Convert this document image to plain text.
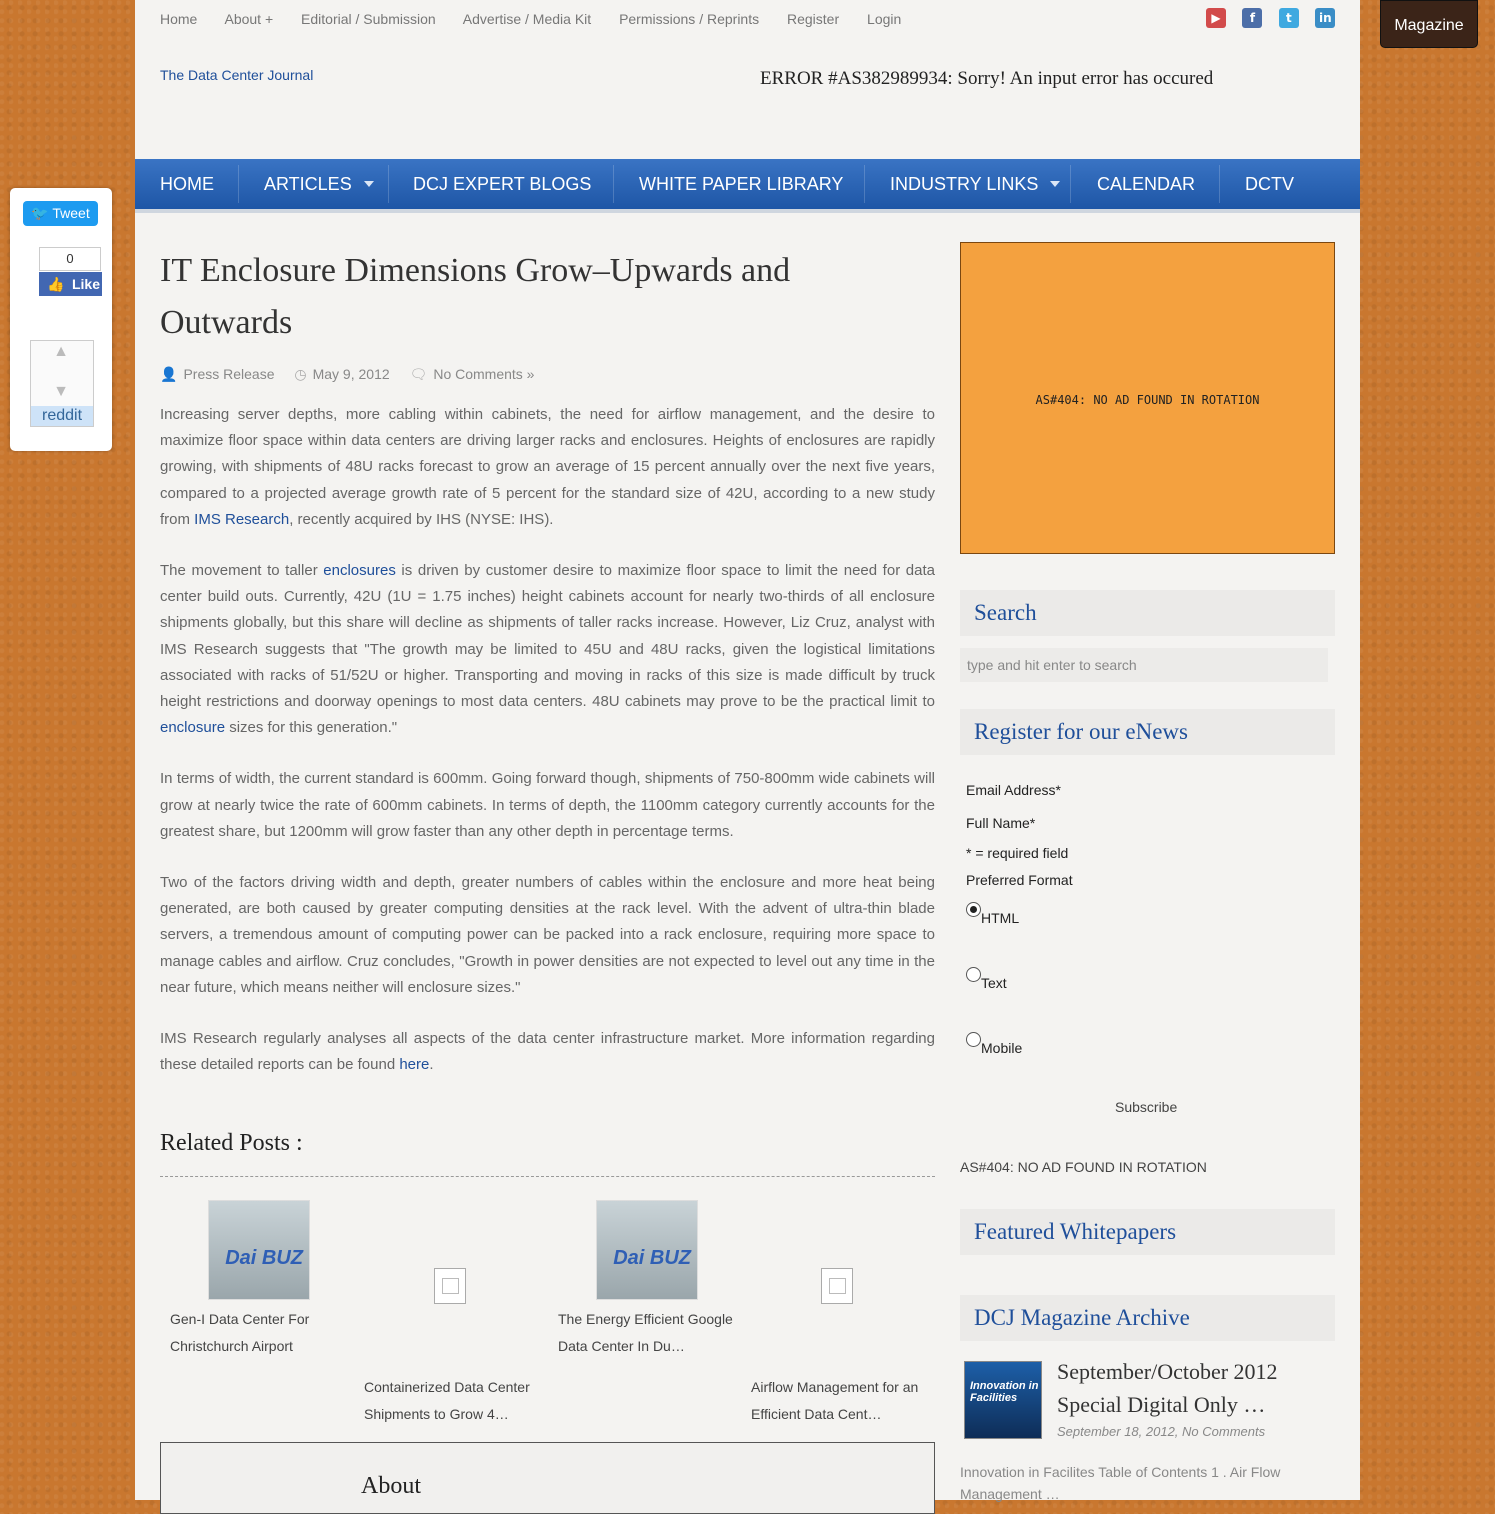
Home About + Editorial / Submission Advertise / Media Kit Permissions / Reprints Register Login	▶ f	t in
The Data Center Journal	ERROR #AS382989934: Sorry! An input error has occured
HOME	ARTICLES	DCJ EXPERT BLOGS	WHITE PAPER LIBRARY	INDUSTRY LINKS	CALENDAR	DCTV
IT Enclosure Dimensions Grow–Upwards and Outwards
👤 Press Release ◷ May 9, 2012 🗨 No Comments »

Increasing server depths, more cabling within cabinets, the need for airflow management, and the desire to maximize floor space within data centers are driving larger racks and enclosures. Heights of enclosures are rapidly growing, with shipments of 48U racks forecast to grow an average of 15 percent annually over the next five years, compared to a projected average growth rate of 5 percent for the standard size of 42U, according to a new study from IMS Research, recently acquired by IHS (NYSE: IHS).

The movement to taller enclosures is driven by customer desire to maximize floor space to limit the need for data center build outs. Currently, 42U (1U = 1.75 inches) height cabinets account for nearly two-thirds of all enclosure shipments globally, but this share will decline as shipments of taller racks increase. However, Liz Cruz, analyst with IMS Research suggests that "The growth may be limited to 45U and 48U racks, given the logistical limitations associated with racks of 51/52U or higher. Transporting and moving in racks of this size is made difficult by truck height restrictions and doorway openings to most data centers. 48U cabinets may prove to be the practical limit to enclosure sizes for this generation."

In terms of width, the current standard is 600mm. Going forward though, shipments of 750-800mm wide cabinets will grow at nearly twice the rate of 600mm cabinets. In terms of depth, the 1100mm category currently accounts for the greatest share, but 1200mm will grow faster than any other depth in percentage terms.

Two of the factors driving width and depth, greater numbers of cables within the enclosure and more heat being generated, are both caused by greater computing densities at the rack level. With the advent of ultra-thin blade servers, a tremendous amount of computing power can be packed into a rack enclosure, requiring more space to manage cables and airflow. Cruz concludes, "Growth in power densities are not expected to level out any time in the near future, which means neither will enclosure sizes."

IMS Research regularly analyses all aspects of the data center infrastructure market. More information regarding these detailed reports can be found here.

Related Posts :
Dai BUZ
Gen-I Data Center For
Christchurch Airport
Containerized Data Center
Shipments to Grow 4…
Dai BUZ
The Energy Efficient Google
Data Center In Du…
Airflow Management for an
Efficient Data Cent…
About
AS#404: NO AD FOUND IN ROTATION
Search
type and hit enter to search
Register for our eNews
Email Address*
Full Name*
* = required field
Preferred Format
HTML
Text
Mobile
Subscribe
AS#404: NO AD FOUND IN ROTATION
Featured Whitepapers
DCJ Magazine Archive
Innovation in Facilities
September/October 2012 Special Digital Only …
September 18, 2012, No Comments
Innovation in Facilites Table of Contents 1 . Air Flow Management …
🐦 Tweet
0
👍 Like
▲
▼
reddit
Magazine
